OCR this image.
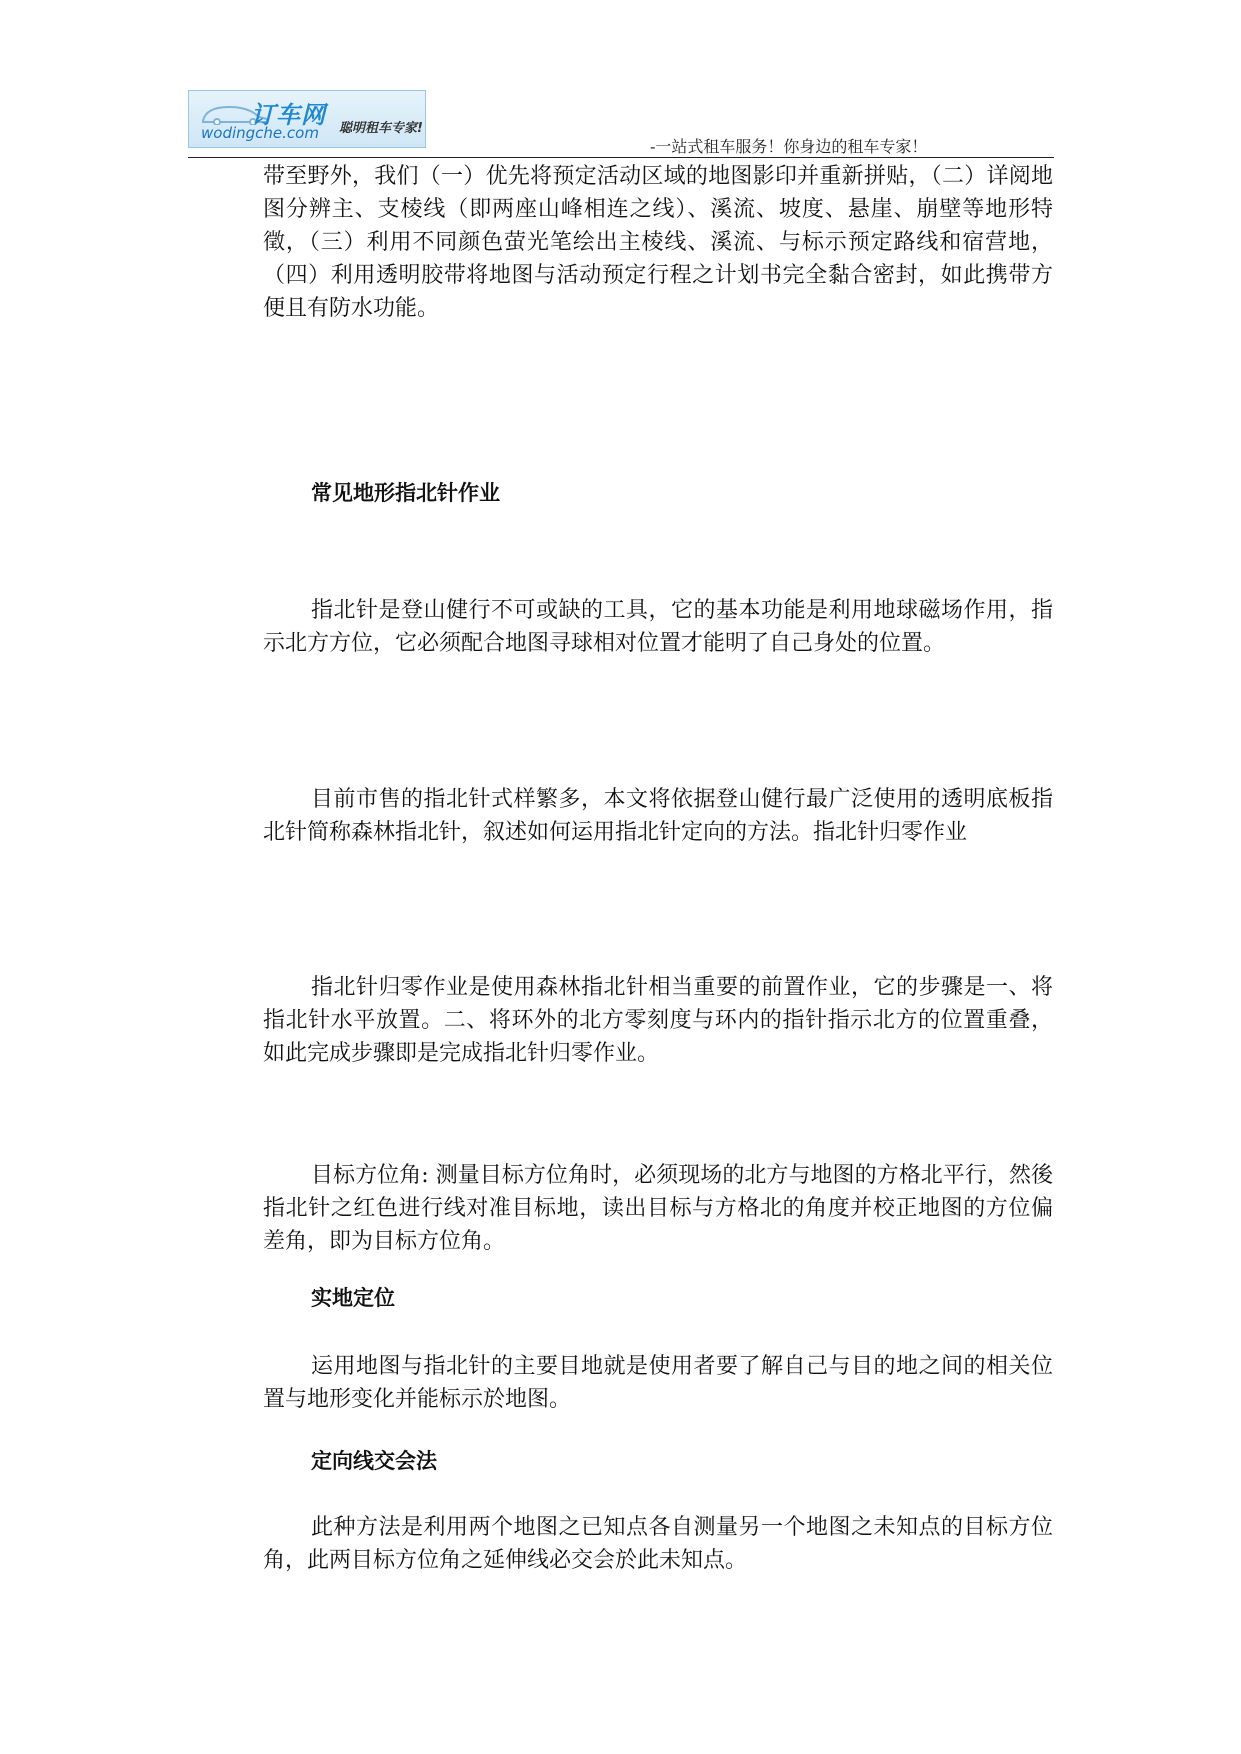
订车网
wodingche.com 聪明租车专家!
-一站式租车服务！你身边的租车专家！
带至野外，我们（一）优先将预定活动区域的地图影印并重新拼贴，（二）详阅地图分辨主、支棱线（即两座山峰相连之线）、溪流、坡度、悬崖、崩壁等地形特徵，（三）利用不同颜色萤光笔绘出主棱线、溪流、与标示预定路线和宿营地，（四）利用透明胶带将地图与活动预定行程之计划书完全黏合密封，如此携带方便且有防水功能。
常见地形指北针作业
指北针是登山健行不可或缺的工具，它的基本功能是利用地球磁场作用，指示北方方位，它必须配合地图寻球相对位置才能明了自己身处的位置。
目前市售的指北针式样繁多，本文将依据登山健行最广泛使用的透明底板指北针简称森林指北针，叙述如何运用指北针定向的方法。指北针归零作业
指北针归零作业是使用森林指北针相当重要的前置作业，它的步骤是一、将指北针水平放置。二、将环外的北方零刻度与环内的指针指示北方的位置重叠，如此完成步骤即是完成指北针归零作业。
目标方位角: 测量目标方位角时，必须现场的北方与地图的方格北平行，然後指北针之红色进行线对准目标地，读出目标与方格北的角度并校正地图的方位偏差角，即为目标方位角。
实地定位
运用地图与指北针的主要目地就是使用者要了解自己与目的地之间的相关位置与地形变化并能标示於地图。
定向线交会法
此种方法是利用两个地图之已知点各自测量另一个地图之未知点的目标方位角，此两目标方位角之延伸线必交会於此未知点。
